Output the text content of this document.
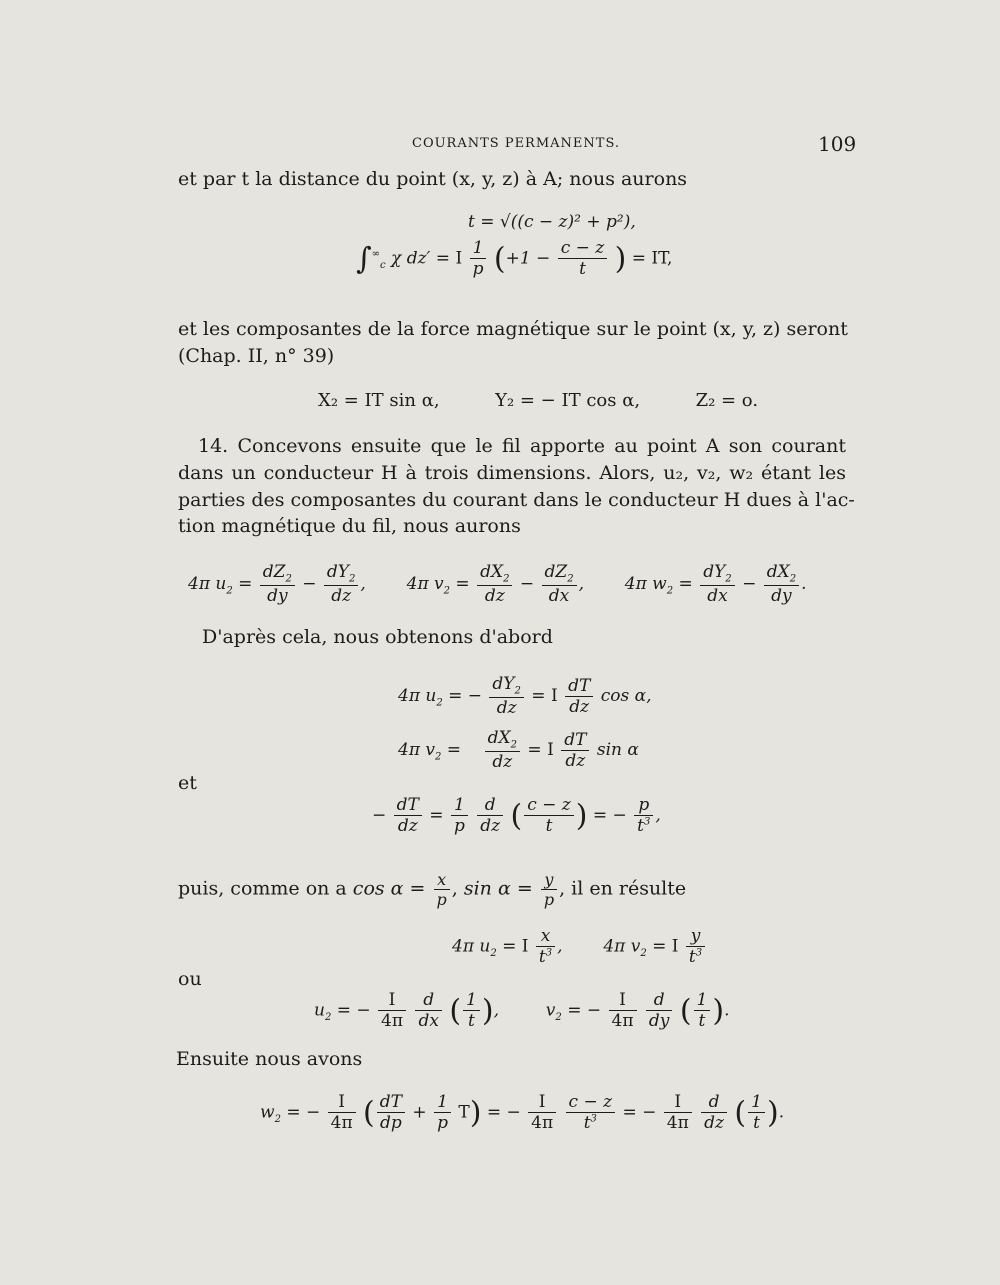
COURANTS PERMANENTS.	109
et par t la distance du point (x, y, z) à A; nous aurons
t = √((c − z)² + p²),
$\int^\infty_c$ χ dz′ = I $\frac{1}{p} (+1 - \frac{c - z}{t}$ ) = IT,
et les composantes de la force magnétique sur le point (x, y, z) seront
(Chap. II, n° 39)
X₂ = IT sin α,	Y₂ = − IT cos α,	Z₂ = o.
14. Concevons ensuite que le fil apporte au point A son courant
dans un conducteur H à trois dimensions. Alors, u₂, v₂, w₂ étant les
parties des composantes du courant dans le conducteur H dues à l'ac-
tion magnétique du fil, nous aurons
4π $u_2 = \frac{dZ_2}{dy} - \frac{dY_2}{dz}$ ,  4π $v_2 = \frac{dX_2}{dz} - \frac{dZ_2}{dx}$ ,  4π $w_2 = \frac{dY_2}{dx} - \frac{dX_2}{dy}$ .
D'après cela, nous obtenons d'abord
4π $u_2$ = − $\frac{dY_2}{dz} = I \frac{dT}{dz}$ cos α,
4π $v_2 = \frac{dX_2}{dz} = I \frac{dT}{dz}$ sin α
et
− $\frac{dT}{dz} = \frac{1}{p}$
$\frac{d}{dz}$ ( $\frac{c - z}{t}$ ) = − $\frac{p}{t^3}$ ,
puis, comme on a $\cos \alpha = \frac{x}{p}$ , $\sin \alpha = \frac{y}{p}$ , il en résulte
4π $u_2 = I \frac{x}{t^3}$ ,  4π $v_2 = I \frac{y}{t^3}$
ou
$u_2$ = − $\frac{I}{4\pi}$
$\frac{d}{dx}$ ( $\frac{1}{t}$ ),  $v_2$ = − $\frac{I}{4\pi}$
$\frac{d}{dy}$ ( $\frac{1}{t}$ ).
Ensuite nous avons
$w_2$ = − $\frac{I}{4\pi}$ ( $\frac{dT}{dp} + \frac{1}{p} T$) = − $\frac{I}{4\pi}$
$\frac{c - z}{t^3}$ = − $\frac{I}{4\pi}$
$\frac{d}{dz}$ ( $\frac{1}{t}$ ).
